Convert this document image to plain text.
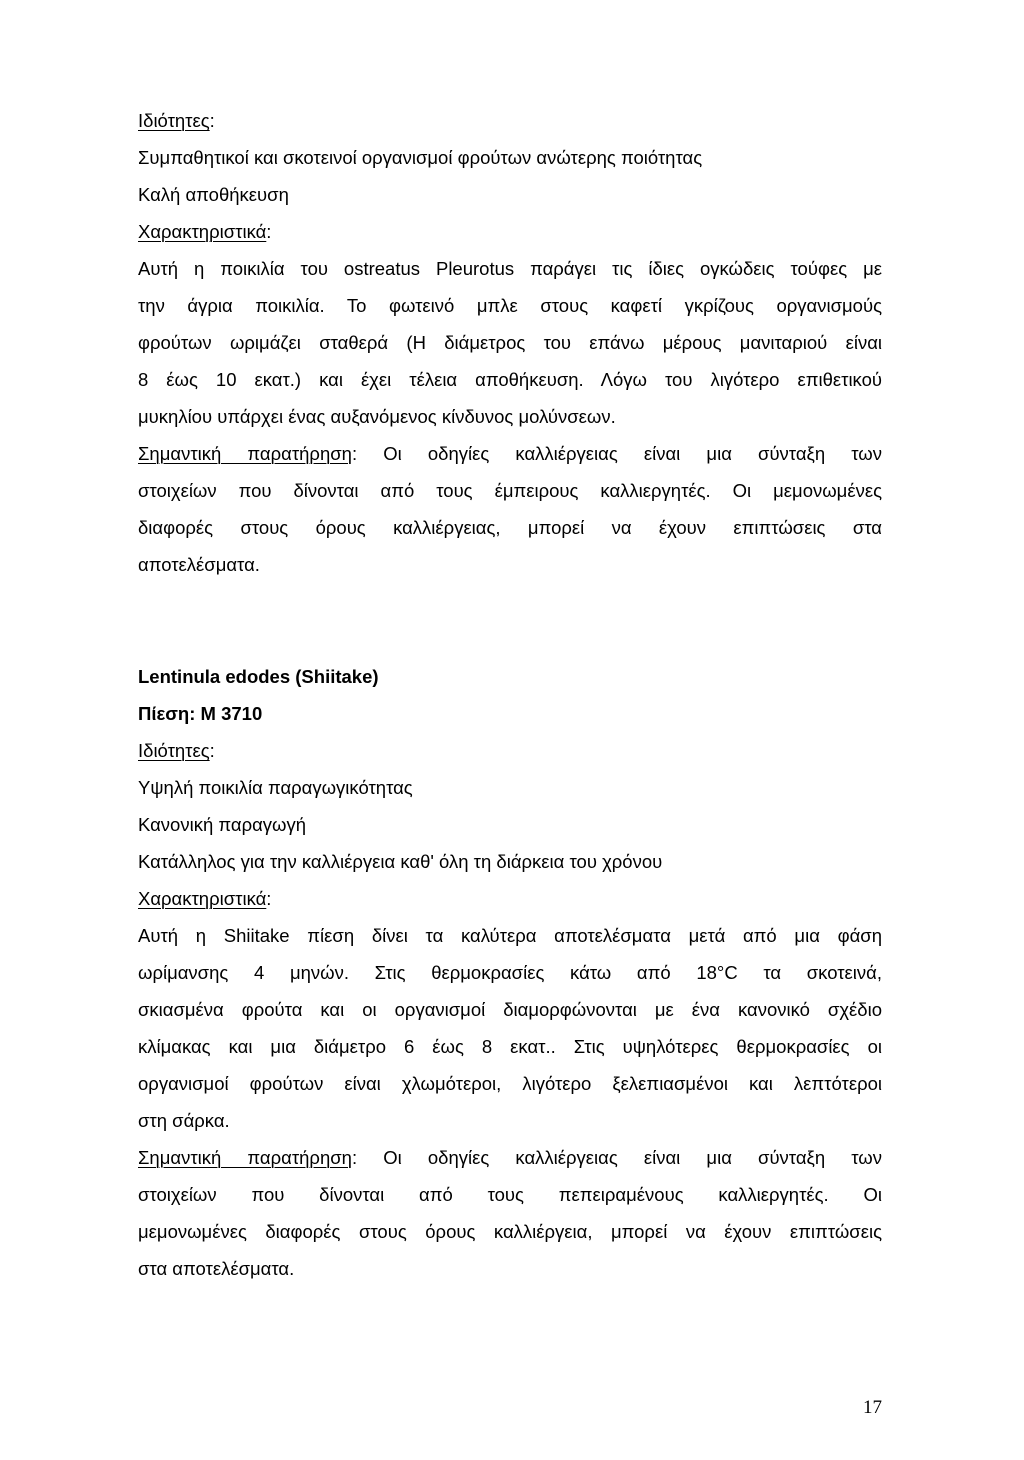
Ιδιότητες:
Συμπαθητικοί και σκοτεινοί οργανισμοί φρούτων ανώτερης ποιότητας
Καλή αποθήκευση
Χαρακτηριστικά:
Αυτή η ποικιλία του ostreatus Pleurotus παράγει τις ίδιες ογκώδεις τούφες με
την άγρια ποικιλία. Το φωτεινό μπλε στους καφετί γκρίζους οργανισμούς
φρούτων ωριμάζει σταθερά (Η διάμετρος του επάνω μέρους μανιταριού είναι
8 έως 10 εκατ.) και έχει τέλεια αποθήκευση. Λόγω του λιγότερο επιθετικού
μυκηλίου υπάρχει ένας αυξανόμενος κίνδυνος μολύνσεων.
Σημαντική παρατήρηση: Οι οδηγίες καλλιέργειας είναι μια σύνταξη των
στοιχείων που δίνονται από τους έμπειρους καλλιεργητές. Οι μεμονωμένες
διαφορές στους όρους καλλιέργειας, μπορεί να έχουν επιπτώσεις στα
αποτελέσματα.
Lentinula edodes (Shiitake)
Πίεση: M 3710
Ιδιότητες:
Υψηλή ποικιλία παραγωγικότητας
Κανονική παραγωγή
Κατάλληλος για την καλλιέργεια καθ' όλη τη διάρκεια του χρόνου
Χαρακτηριστικά:
Αυτή η Shiitake πίεση δίνει τα καλύτερα αποτελέσματα μετά από μια φάση
ωρίμανσης 4 μηνών. Στις θερμοκρασίες κάτω από 18°C τα σκοτεινά,
σκιασμένα φρούτα και οι οργανισμοί διαμορφώνονται με ένα κανονικό σχέδιο
κλίμακας και μια διάμετρο 6 έως 8 εκατ.. Στις υψηλότερες θερμοκρασίες οι
οργανισμοί φρούτων είναι χλωμότεροι, λιγότερο ξελεπιασμένοι και λεπτότεροι
στη σάρκα.
Σημαντική παρατήρηση: Οι οδηγίες καλλιέργειας είναι μια σύνταξη των
στοιχείων που δίνονται από τους πεπειραμένους καλλιεργητές. Οι
μεμονωμένες διαφορές στους όρους καλλιέργεια, μπορεί να έχουν επιπτώσεις
στα αποτελέσματα.
17
